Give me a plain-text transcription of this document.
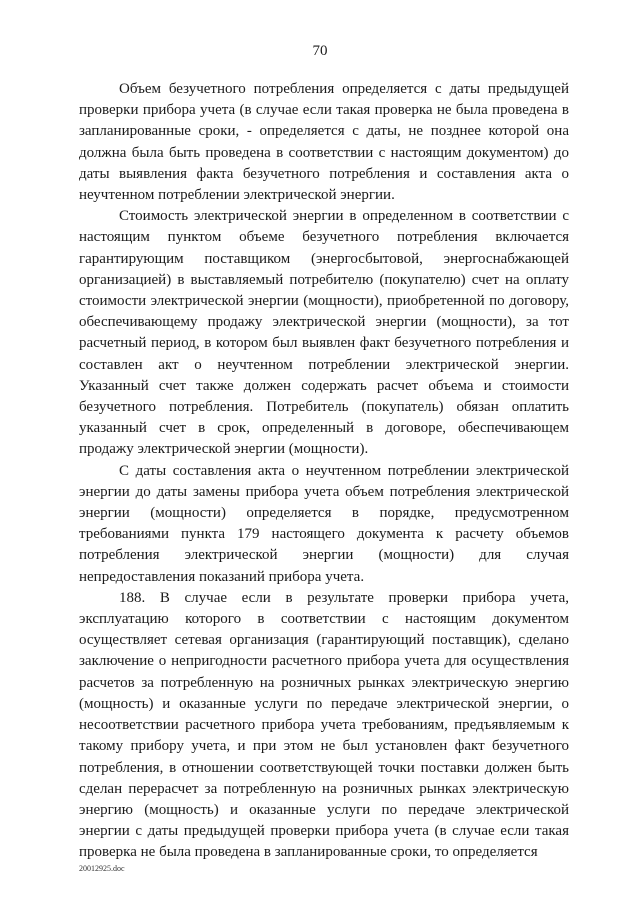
70

Объем безучетного потребления определяется с даты предыдущей проверки прибора учета (в случае если такая проверка не была проведена в запланированные сроки, - определяется с даты, не позднее которой она должна была быть проведена в соответствии с настоящим документом) до даты выявления факта безучетного потребления и составления акта о неучтенном потреблении электрической энергии.

Стоимость электрической энергии в определенном в соответствии с настоящим пунктом объеме безучетного потребления включается гарантирующим поставщиком (энергосбытовой, энергоснабжающей организацией) в выставляемый потребителю (покупателю) счет на оплату стоимости электрической энергии (мощности), приобретенной по договору, обеспечивающему продажу электрической энергии (мощности), за тот расчетный период, в котором был выявлен факт безучетного потребления и составлен акт о неучтенном потреблении электрической энергии. Указанный счет также должен содержать расчет объема и стоимости безучетного потребления. Потребитель (покупатель) обязан оплатить указанный счет в срок, определенный в договоре, обеспечивающем продажу электрической энергии (мощности).

С даты составления акта о неучтенном потреблении электрической энергии до даты замены прибора учета объем потребления электрической энергии (мощности) определяется в порядке, предусмотренном требованиями пункта 179 настоящего документа к расчету объемов потребления электрической энергии (мощности) для случая непредоставления показаний прибора учета.

188. В случае если в результате проверки прибора учета, эксплуатацию которого в соответствии с настоящим документом осуществляет сетевая организация (гарантирующий поставщик), сделано заключение о непригодности расчетного прибора учета для осуществления расчетов за потребленную на розничных рынках электрическую энергию (мощность) и оказанные услуги по передаче электрической энергии, о несоответствии расчетного прибора учета требованиям, предъявляемым к такому прибору учета, и при этом не был установлен факт безучетного потребления, в отношении соответствующей точки поставки должен быть сделан перерасчет за потребленную на розничных рынках электрическую энергию (мощность) и оказанные услуги по передаче электрической энергии с даты предыдущей проверки прибора учета (в случае если такая проверка не была проведена в запланированные сроки, то определяется

20012925.doc
